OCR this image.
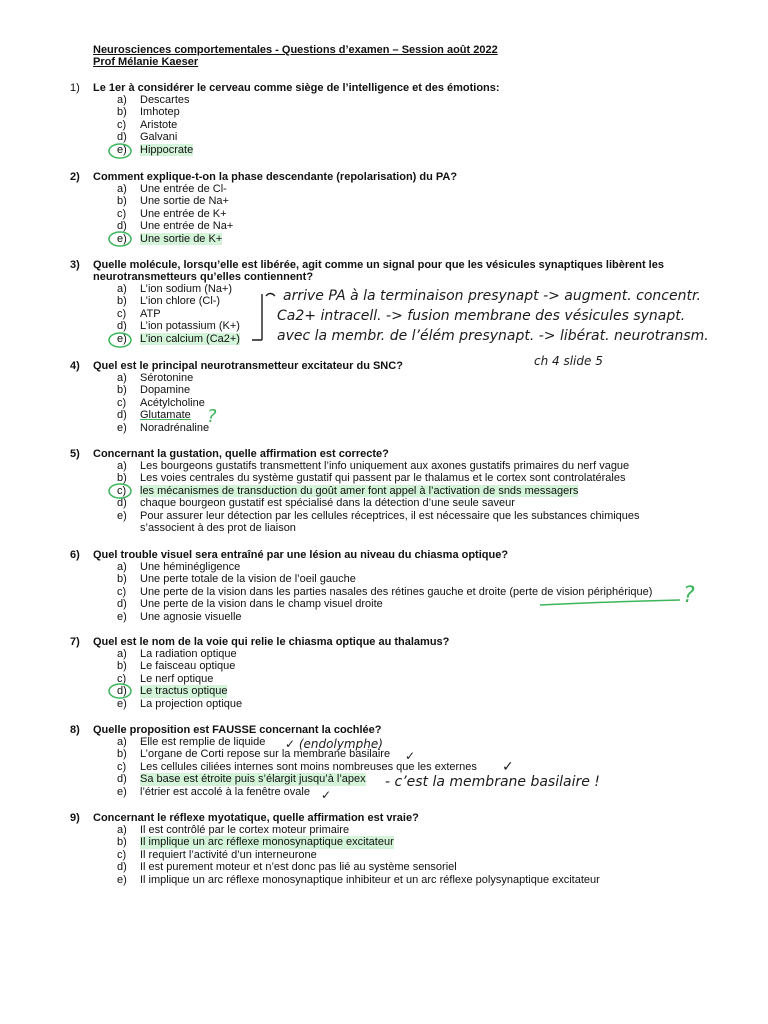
Neurosciences comportementales - Questions d’examen – Session août 2022
Prof Mélanie Kaeser
1)	Le 1er à considérer le cerveau comme siège de l’intelligence et des émotions:
a) Descartes
b) Imhotep
c) Aristote
d) Galvani
e) Hippocrate
2)	Comment explique-t-on la phase descendante (repolarisation) du PA?
a) Une entrée de Cl-
b) Une sortie de Na+
c) Une entrée de K+
d) Une entrée de Na+
e) Une sortie de K+
3)	Quelle molécule, lorsqu’elle est libérée, agit comme un signal pour que les vésicules synaptiques libèrent les neurotransmetteurs qu’elles contiennent?
a) L’ion sodium (Na+)
b) L’ion chlore (Cl-)
c) ATP
d) L’ion potassium (K+)
e) L’ion calcium (Ca2+)
4)	Quel est le principal neurotransmetteur excitateur du SNC?
a) Sérotonine
b) Dopamine
c) Acétylcholine
d) Glutamate
e) Noradrénaline
5)	Concernant la gustation, quelle affirmation est correcte?
a) Les bourgeons gustatifs transmettent l’info uniquement aux axones gustatifs primaires du nerf vague
b) Les voies centrales du système gustatif qui passent par le thalamus et le cortex sont controlatérales
c) les mécanismes de transduction du goût amer font appel à l’activation de snds messagers
d) chaque bourgeon gustatif est spécialisé dans la détection d’une seule saveur
e) Pour assurer leur détection par les cellules réceptrices, il est nécessaire que les substances chimiques s’associent à des prot de liaison
6)	Quel trouble visuel sera entraîné par une lésion au niveau du chiasma optique?
a) Une héminégligence
b) Une perte totale de la vision de l’oeil gauche
c) Une perte de la vision dans les parties nasales des rétines gauche et droite (perte de vision périphérique)
d) Une perte de la vision dans le champ visuel droite
e) Une agnosie visuelle
7)	Quel est le nom de la voie qui relie le chiasma optique au thalamus?
a) La radiation optique
b) Le faisceau optique
c) Le nerf optique
d) Le tractus optique
e) La projection optique
8)	Quelle proposition est FAUSSE concernant la cochlée?
a) Elle est remplie de liquide
b) L’organe de Corti repose sur la membrane basilaire
c) Les cellules ciliées internes sont moins nombreuses que les externes
d) Sa base est étroite puis s’élargit jusqu’à l’apex
e) l’étrier est accolé à la fenêtre ovale
9)	Concernant le réflexe myotatique, quelle affirmation est vraie?
a) Il est contrôlé par le cortex moteur primaire
b) Il implique un arc réflexe monosynaptique excitateur
c) Il requiert l’activité d’un interneurone
d) Il est purement moteur et n’est donc pas lié au système sensoriel
e) Il implique un arc réflexe monosynaptique inhibiteur et un arc réflexe polysynaptique excitateur
arrive PA à la terminaison presynapt -> augment. concentr.
Ca2+ intracell. -> fusion membrane des vésicules synapt.
avec la membr. de l’élém presynapt. -> libérat. neurotransm.
ch 4 slide 5
✓ (endolymphe)
✓
✓
- c’est la membrane basilaire !
✓
?
?
